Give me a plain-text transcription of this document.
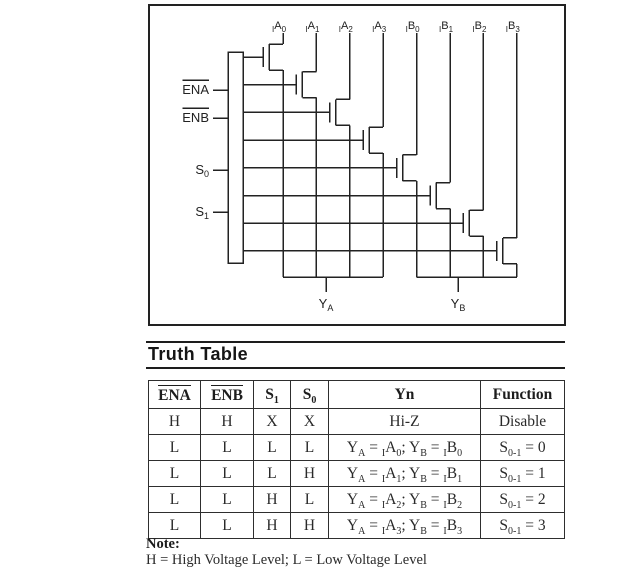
$_IA_0$ $_IA_1$ $_IA_2$ $_IA_3$ $_IB_0$ $_IB_1$ $_IB_2$ $_IB_3$
ENA
ENB
$S_0$
$S_1$
$Y_A$	$Y_B$
Truth Table
ENA	ENB	$S_1$	$S_0$	Yn	Function
H	H	X	X	Hi-Z	Disable
L	L	L	L	$Y_A = _IA_0$; $Y_B = _IB_0$	$S_{0-1} = 0$
L	L	L	H	$Y_A = _IA_1$; $Y_B = _IB_1$	$S_{0-1} = 1$
L	L	H	L	$Y_A = _IA_2$; $Y_B = _IB_2$	$S_{0-1} = 2$
L	L	H	H	$Y_A = _IA_3$; $Y_B = _IB_3$	$S_{0-1} = 3$
Note:
H = High Voltage Level; L = Low Voltage Level
